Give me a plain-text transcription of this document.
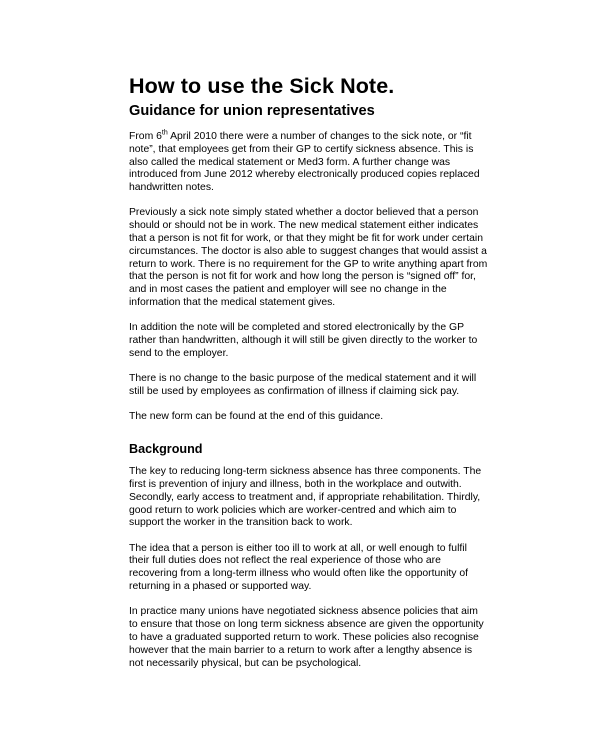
How to use the Sick Note.
Guidance for union representatives

From 6th April 2010 there were a number of changes to the sick note, or “fit note”, that employees get from their GP to certify sickness absence. This is also called the medical statement or Med3 form. A further change was introduced from June 2012 whereby electronically produced copies replaced handwritten notes.

Previously a sick note simply stated whether a doctor believed that a person should or should not be in work. The new medical statement either indicates that a person is not fit for work, or that they might be fit for work under certain circumstances. The doctor is also able to suggest changes that would assist a return to work. There is no requirement for the GP to write anything apart from that the person is not fit for work and how long the person is “signed off” for, and in most cases the patient and employer will see no change in the information that the medical statement gives.

In addition the note will be completed and stored electronically by the GP rather than handwritten, although it will still be given directly to the worker to send to the employer.

There is no change to the basic purpose of the medical statement and it will still be used by employees as confirmation of illness if claiming sick pay.

The new form can be found at the end of this guidance.

Background

The key to reducing long-term sickness absence has three components. The first is prevention of injury and illness, both in the workplace and outwith. Secondly, early access to treatment and, if appropriate rehabilitation. Thirdly, good return to work policies which are worker-centred and which aim to support the worker in the transition back to work.

The idea that a person is either too ill to work at all, or well enough to fulfil their full duties does not reflect the real experience of those who are recovering from a long-term illness who would often like the opportunity of returning in a phased or supported way.

In practice many unions have negotiated sickness absence policies that aim to ensure that those on long term sickness absence are given the opportunity to have a graduated supported return to work. These policies also recognise however that the main barrier to a return to work after a lengthy absence is not necessarily physical, but can be psychological.
